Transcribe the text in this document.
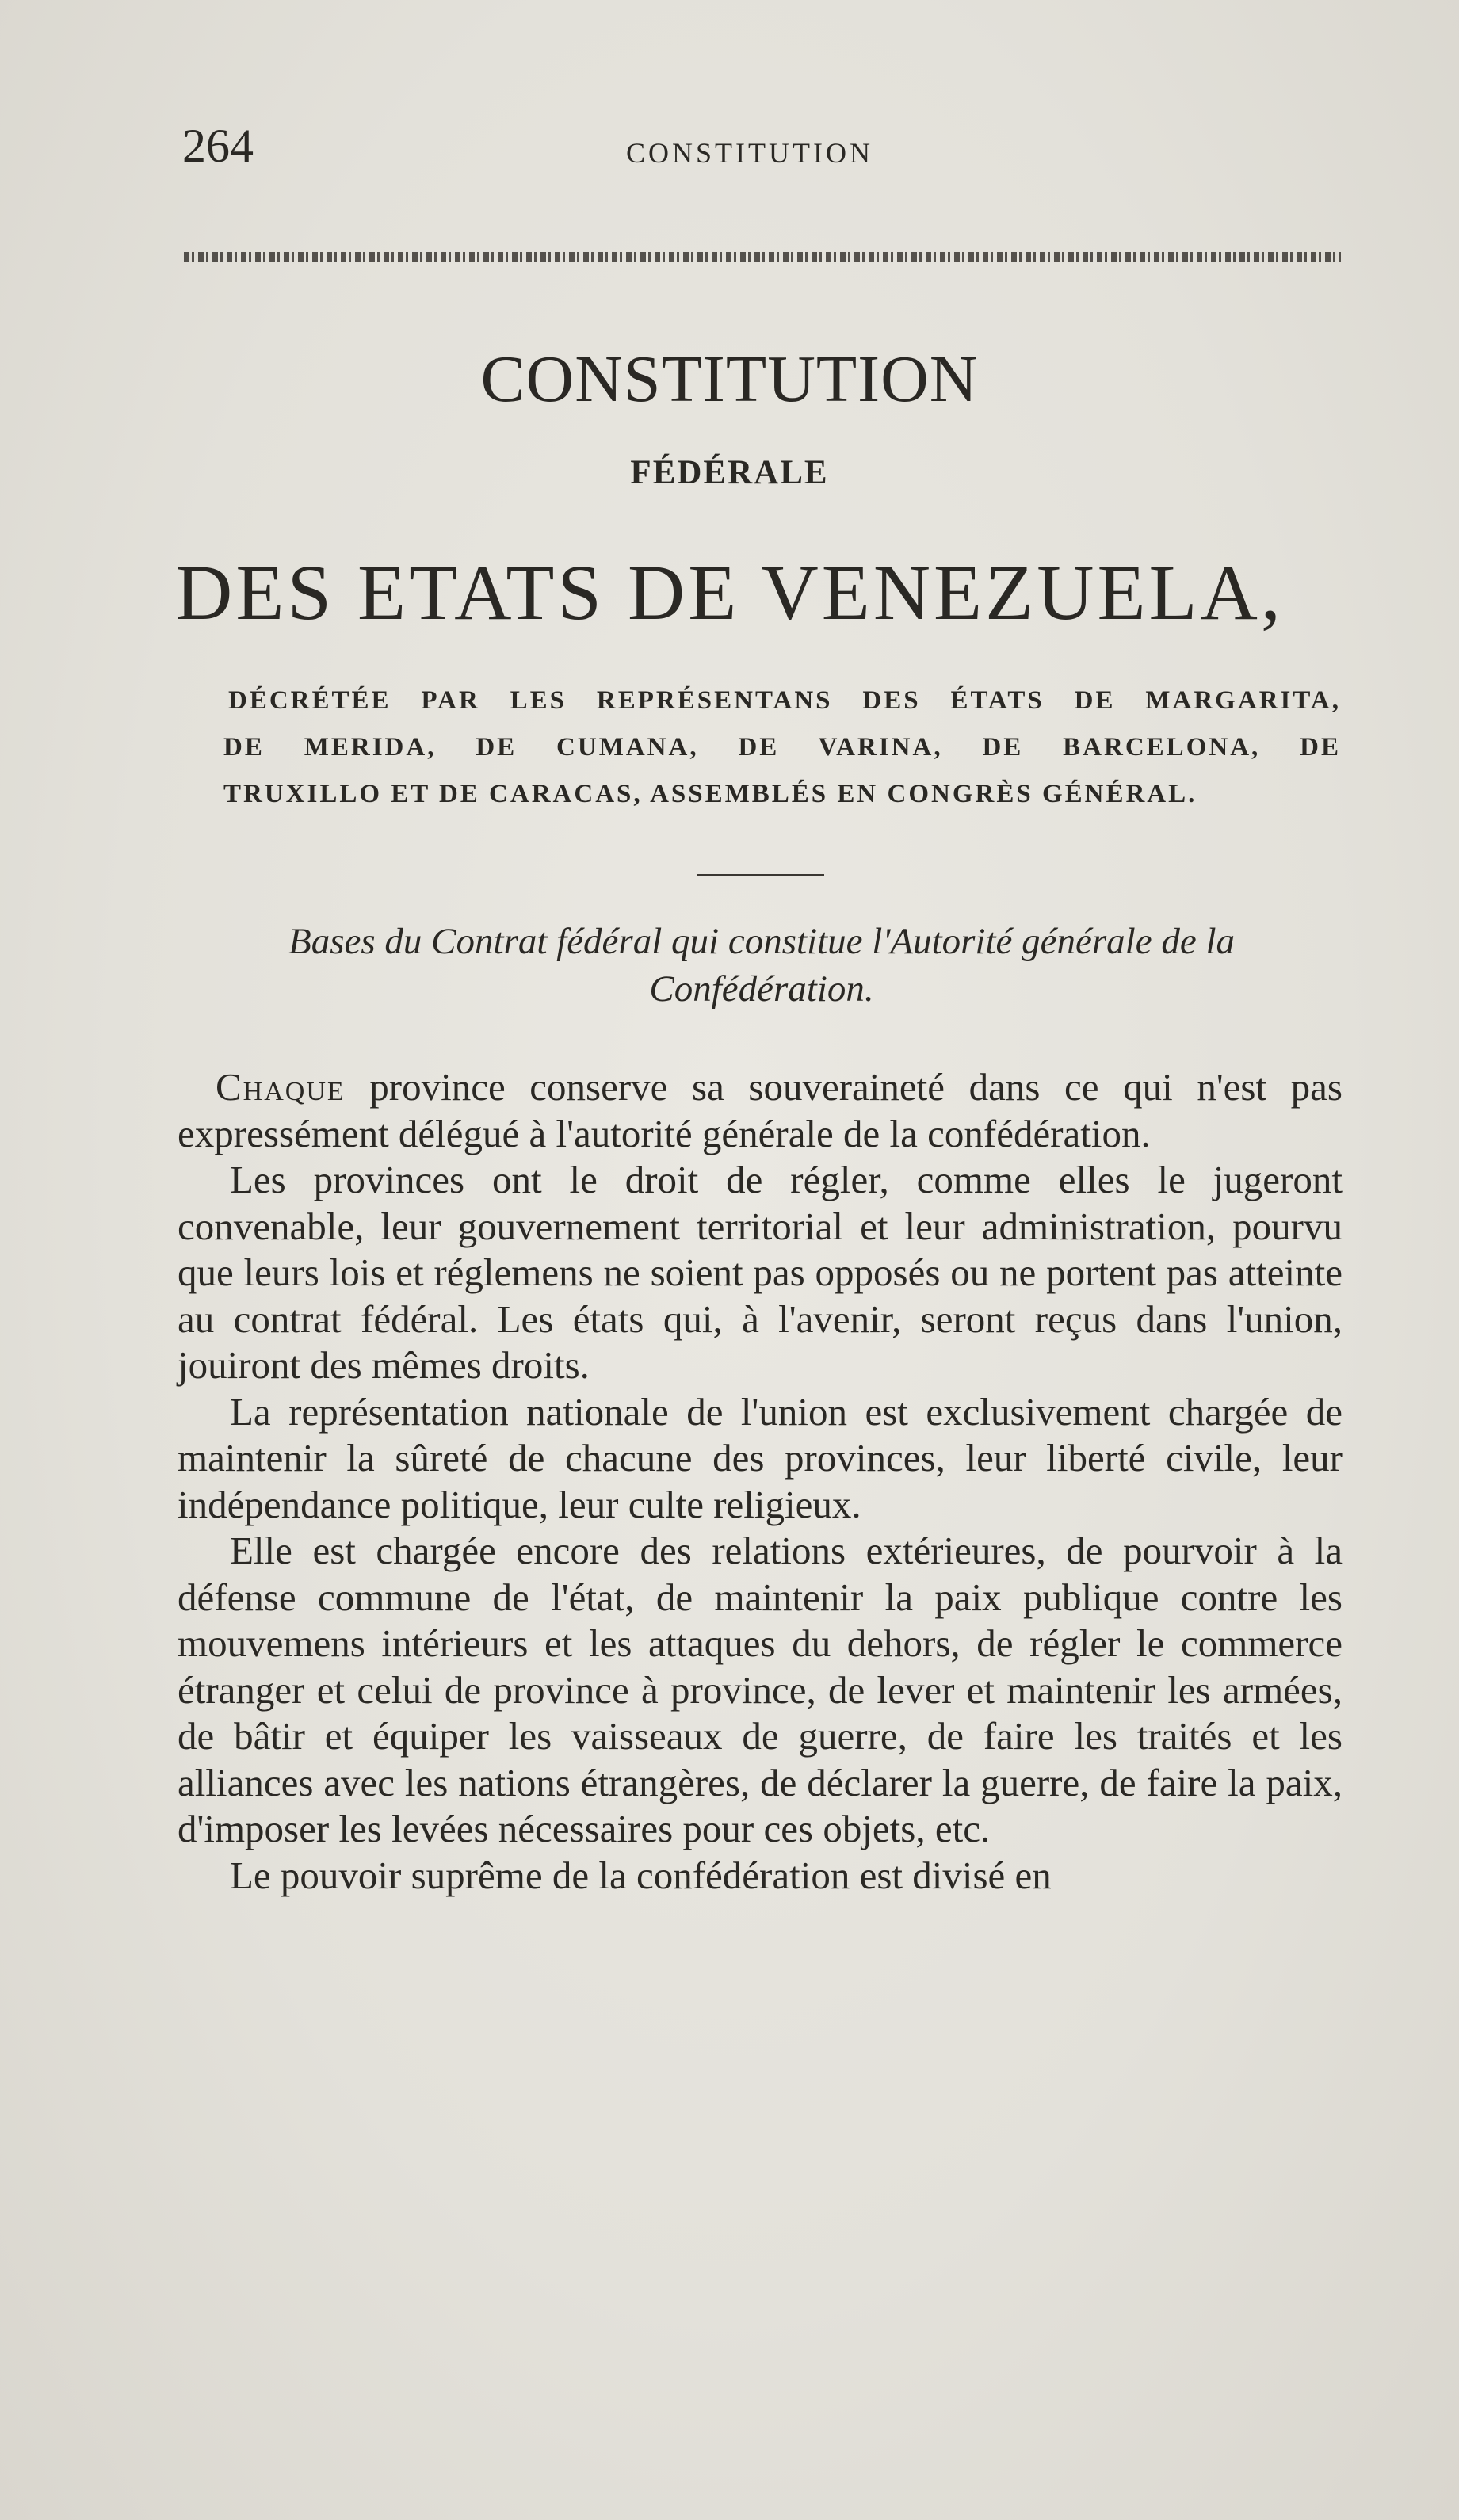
264	CONSTITUTION
CONSTITUTION
FÉDÉRALE
DES ETATS DE VENEZUELA,
DÉCRÉTÉE PAR LES REPRÉSENTANS DES ÉTATS DE MARGARITA,
DE MERIDA, DE CUMANA, DE VARINA, DE BARCELONA, DE
TRUXILLO ET DE CARACAS, ASSEMBLÉS EN CONGRÈS GÉNÉRAL.
Bases du Contrat fédéral qui constitue l'Autorité générale de la Confédération.

Chaque province conserve sa souveraineté dans ce qui n'est pas expressément délégué à l'autorité générale de la confédération.

Les provinces ont le droit de régler, comme elles le jugeront convenable, leur gouvernement territorial et leur administration, pourvu que leurs lois et réglemens ne soient pas opposés ou ne portent pas atteinte au contrat fédéral. Les états qui, à l'avenir, seront reçus dans l'union, jouiront des mêmes droits.

La représentation nationale de l'union est exclusivement chargée de maintenir la sûreté de chacune des provinces, leur liberté civile, leur indépendance politique, leur culte religieux.

Elle est chargée encore des relations extérieures, de pourvoir à la défense commune de l'état, de maintenir la paix publique contre les mouvemens intérieurs et les attaques du dehors, de régler le commerce étranger et celui de province à province, de lever et maintenir les armées, de bâtir et équiper les vaisseaux de guerre, de faire les traités et les alliances avec les nations étrangères, de déclarer la guerre, de faire la paix, d'imposer les levées nécessaires pour ces objets, etc.

Le pouvoir suprême de la confédération est divisé en
